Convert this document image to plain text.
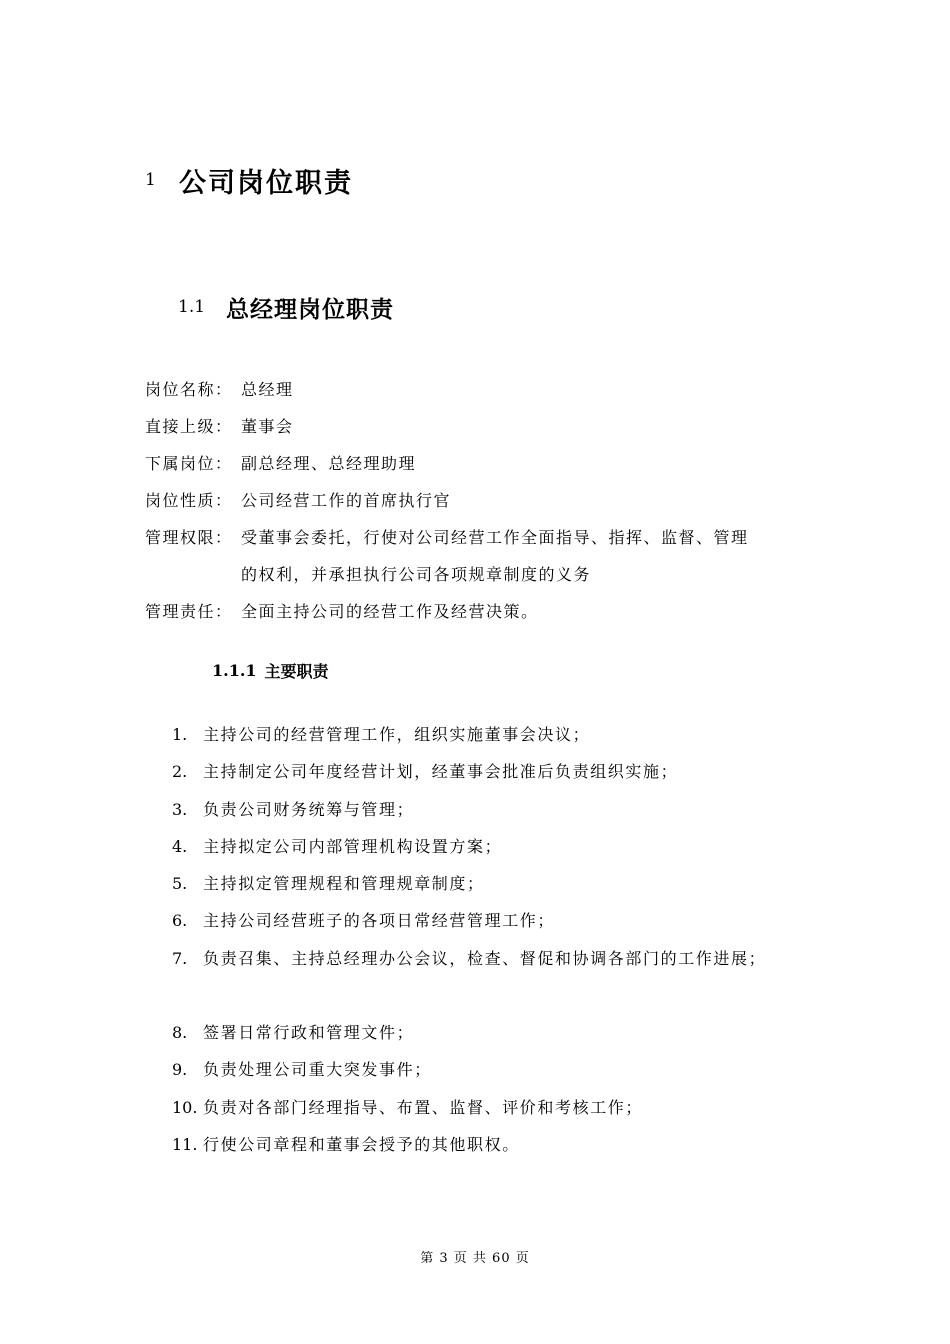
1 公司岗位职责
1.1 总经理岗位职责
岗位名称： 总经理
直接上级： 董事会
下属岗位： 副总经理、总经理助理
岗位性质： 公司经营工作的首席执行官
管理权限： 受董事会委托，行使对公司经营工作全面指导、指挥、监督、管理
的权利，并承担执行公司各项规章制度的义务
管理责任： 全面主持公司的经营工作及经营决策。
1.1.1 主要职责
1. 主持公司的经营管理工作，组织实施董事会决议；
2. 主持制定公司年度经营计划，经董事会批准后负责组织实施；
3. 负责公司财务统筹与管理；
4. 主持拟定公司内部管理机构设置方案；
5. 主持拟定管理规程和管理规章制度；
6. 主持公司经营班子的各项日常经营管理工作；
7. 负责召集、主持总经理办公会议，检查、督促和协调各部门的工作进展；
8. 签署日常行政和管理文件；
9. 负责处理公司重大突发事件；
10. 负责对各部门经理指导、布置、监督、评价和考核工作；
11. 行使公司章程和董事会授予的其他职权。
第 3 页 共 60 页
